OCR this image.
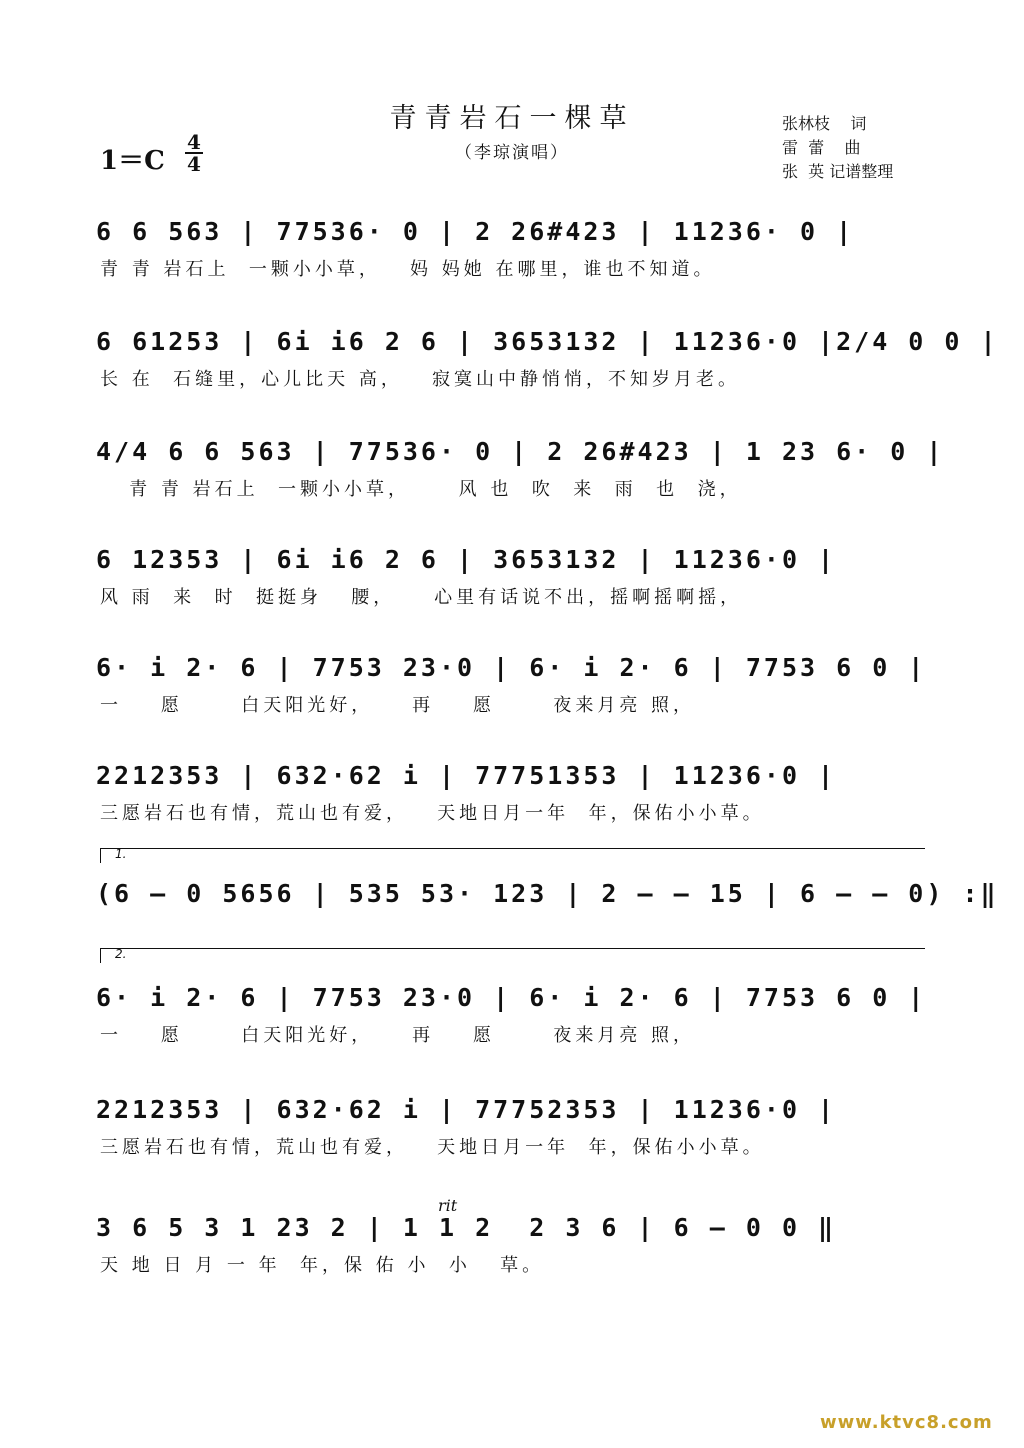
青青岩石一棵草
（李琼演唱）
张林枝    词
雷  蕾    曲
张  英 记谱整理
1＝C
4
4
6 6 563 | 77536· 0 | 2 26#423 | 11236· 0 |
青 青 岩石上  一颗小小草，   妈 妈她 在哪里，谁也不知道。
6 61253 | 6i i6 2 6 | 3653132 | 11236·0 |2/4 0 0 |
长 在  石缝里，心儿比天 高，   寂寞山中静悄悄，不知岁月老。
4/4 6 6 563 | 77536· 0 | 2 26#423 | 1 23 6· 0 |
青 青 岩石上  一颗小小草，     风 也  吹  来  雨  也  浇，
6 12353 | 6i i6 2 6 | 3653132 | 11236·0 |
风 雨  来  时  挺挺身   腰，    心里有话说不出，摇啊摇啊摇，
6· i 2· 6 | 7753 23·0 | 6· i 2· 6 | 7753 6 0 |
一    愿      白天阳光好，    再    愿      夜来月亮 照，
2212353 | 632·62 i | 77751353 | 11236·0 |
三愿岩石也有情，荒山也有爱，   天地日月一年  年，保佑小小草。
1.
(6 – 0 5656 | 535 53· 123 | 2 – – 15 | 6 – – 0) :‖
2.
6· i 2· 6 | 7753 23·0 | 6· i 2· 6 | 7753 6 0 |
一    愿      白天阳光好，    再    愿      夜来月亮 照，
2212353 | 632·62 i | 77752353 | 11236·0 |
三愿岩石也有情，荒山也有爱，   天地日月一年  年，保佑小小草。
rit
3 6 5 3 1 23 2 | 1 1 2  2 3 6 | 6 – 0 0 ‖
天 地 日 月 一 年  年，保 佑 小  小   草。
www.ktvc8.com
